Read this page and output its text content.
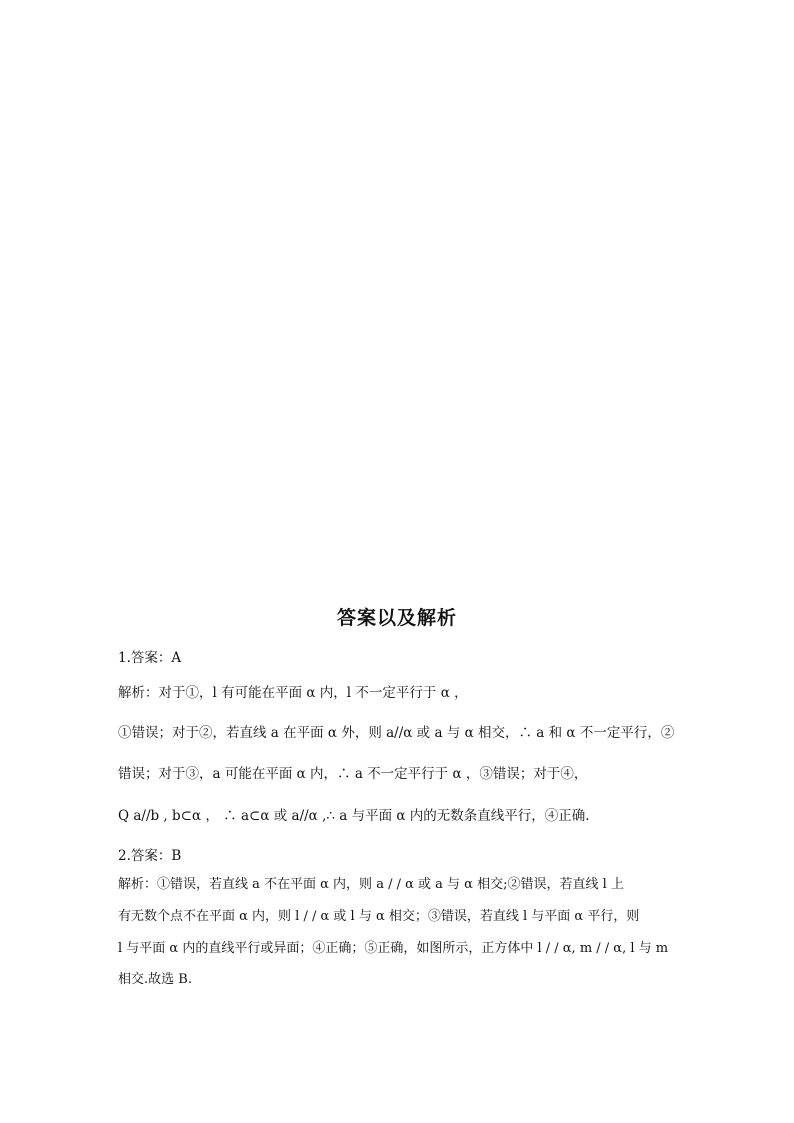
答案以及解析
1.答案：A
解析：对于①，l 有可能在平面 α 内，l 不一定平行于 α ，
①错误；对于②，若直线 a 在平面 α 外，则 a//α 或 a 与 α 相交，∴ a 和 α 不一定平行，②
错误；对于③，a 可能在平面 α 内，∴ a 不一定平行于 α ，③错误；对于④，
Q a//b , b⊂α ， ∴ a⊂α 或 a//α ,∴ a 与平面 α 内的无数条直线平行，④正确.
2.答案：B
解析：①错误，若直线 a 不在平面 α 内，则 a / / α 或 a 与 α 相交;②错误，若直线 l 上
有无数个点不在平面 α 内，则 l / / α 或 l 与 α 相交；③错误，若直线 l 与平面 α 平行，则
l 与平面 α 内的直线平行或异面；④正确；⑤正确，如图所示，正方体中 l / / α, m / / α, l 与 m
相交.故选 B.
